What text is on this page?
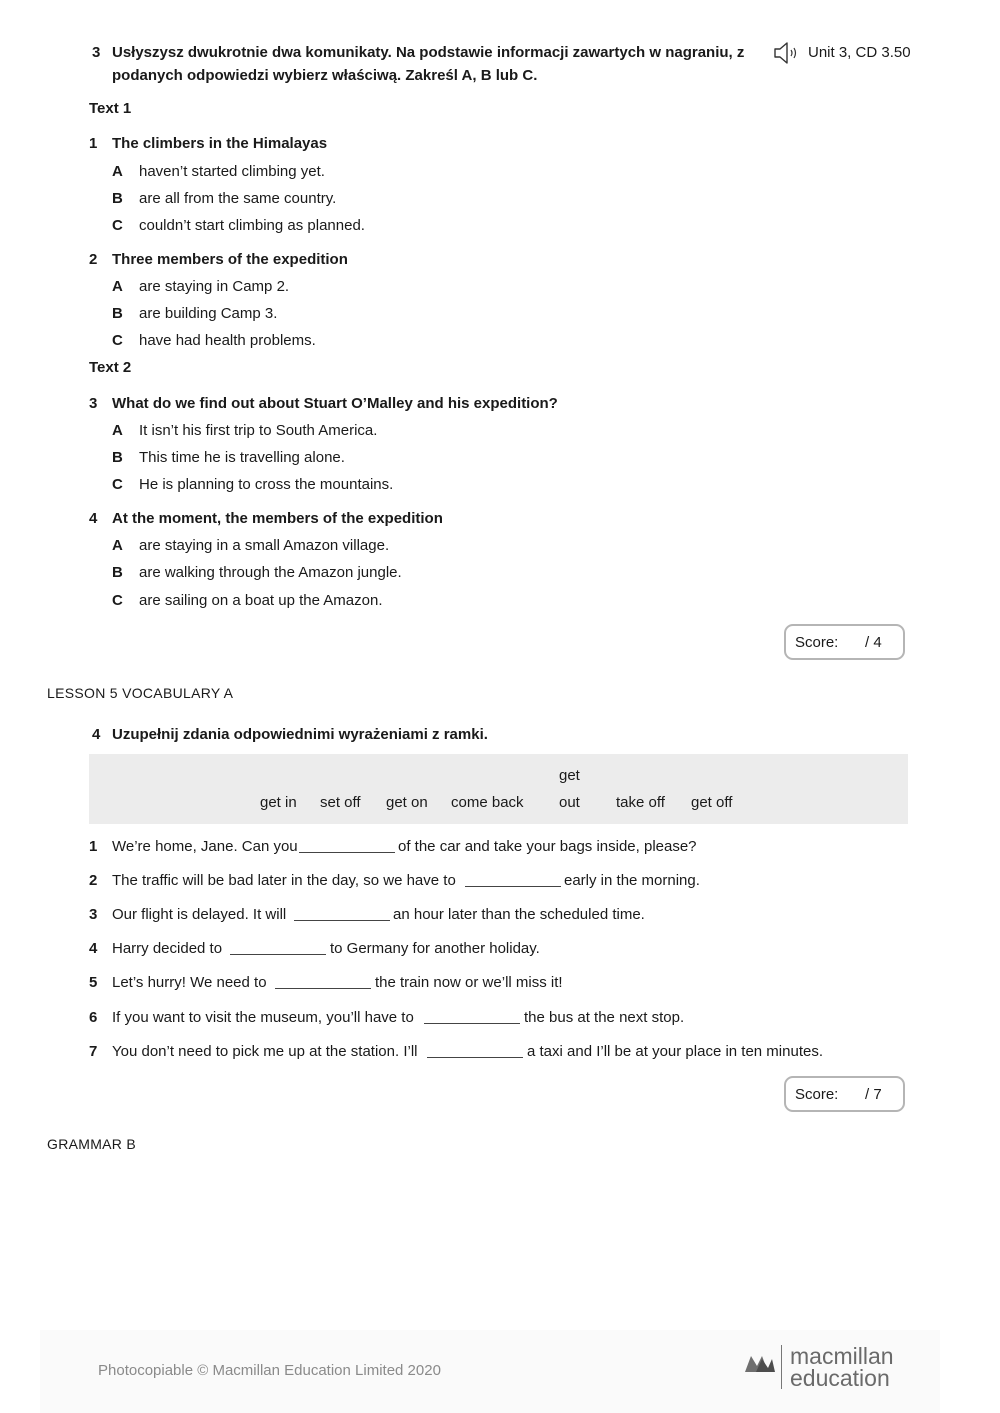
3 Usłyszysz dwukrotnie dwa komunikaty. Na podstawie informacji zawartych w nagraniu, z
podanych odpowiedzi wybierz właściwą. Zakreśl A, B lub C.
Unit 3, CD 3.50
Text 1
1 The climbers in the Himalayas
A haven’t started climbing yet.
B are all from the same country.
C couldn’t start climbing as planned.
2 Three members of the expedition
A are staying in Camp 2.
B are building Camp 3.
C have had health problems.
Text 2
3 What do we find out about Stuart O’Malley and his expedition?
A It isn’t his first trip to South America.
B This time he is travelling alone.
C He is planning to cross the mountains.
4 At the moment, the members of the expedition
A are staying in a small Amazon village.
B are walking through the Amazon jungle.
C are sailing on a boat up the Amazon.
Score: / 4
LESSON 5 VOCABULARY A
4 Uzupełnij zdania odpowiednimi wyrażeniami z ramki.
get in set off get on come back
get
out take off get off
1 We’re home, Jane. Can you	of the car and take your bags inside, please?
2 The traffic will be bad later in the day, so we have to	early in the morning.
3 Our flight is delayed. It will	an hour later than the scheduled time.
4 Harry decided to	to Germany for another holiday.
5 Let’s hurry! We need to	the train now or we’ll miss it!
6 If you want to visit the museum, you’ll have to	the bus at the next stop.
7 You don’t need to pick me up at the station. I’ll	a taxi and I’ll be at your place in ten minutes.
Score: / 7
GRAMMAR B
Photocopiable © Macmillan Education Limited 2020
macmillan
education
